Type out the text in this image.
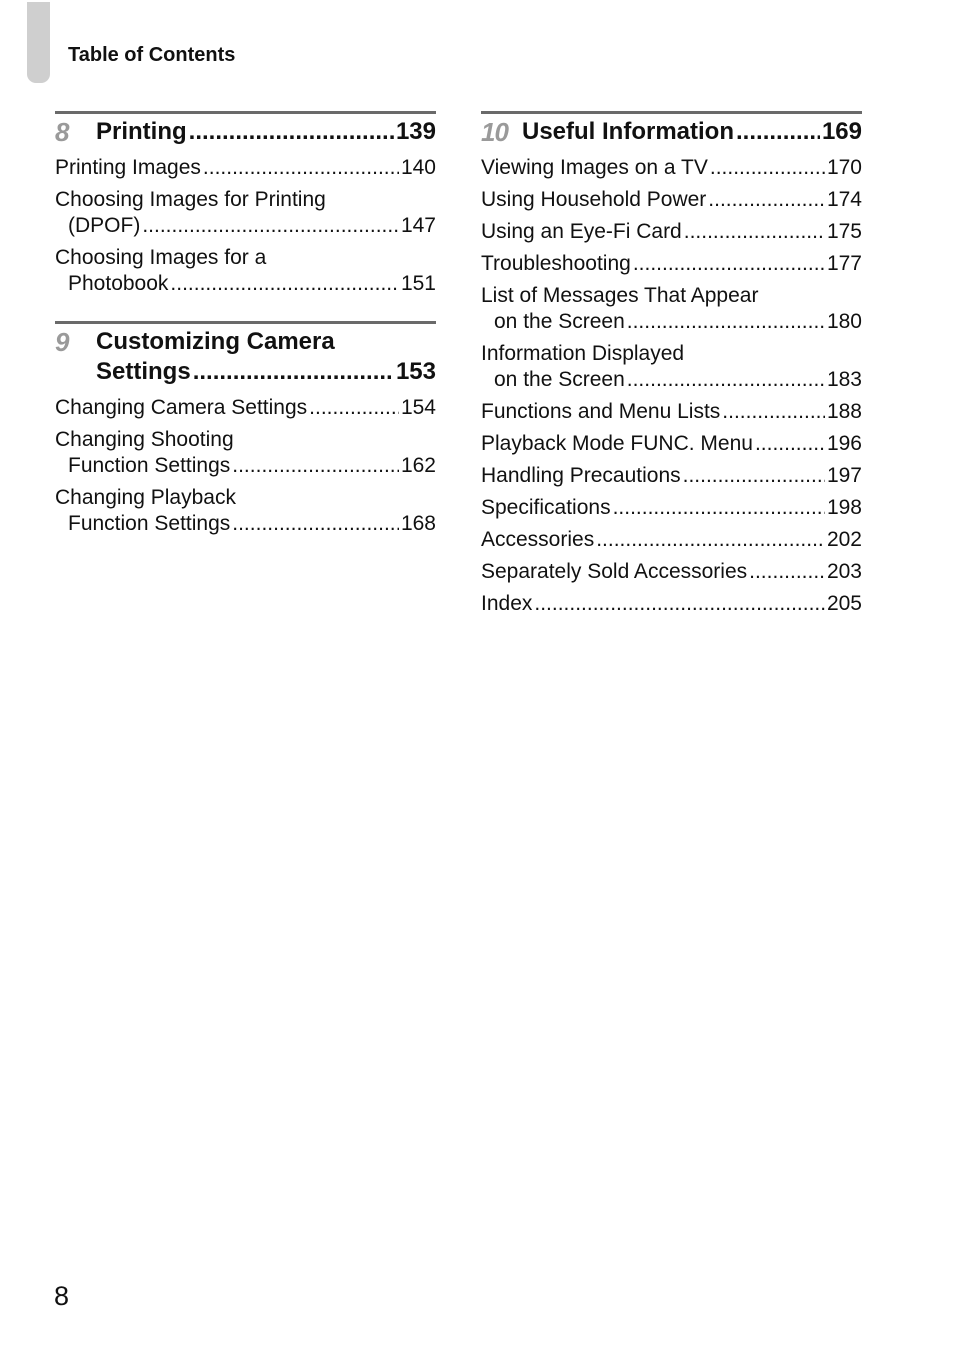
Table of Contents
8	Printing .....	139
Printing Images .....	140
Choosing Images for Printing
(DPOF) .....	147
Choosing Images for a
Photobook .....	151
9	Customizing Camera
Settings .....	153
Changing Camera Settings .....	154
Changing Shooting
Function Settings .....	162
Changing Playback
Function Settings .....	168
10 Useful Information .....	169
Viewing Images on a TV .....	170
Using Household Power .....	174
Using an Eye-Fi Card .....	175
Troubleshooting .....	177
List of Messages That Appear
on the Screen .....	180
Information Displayed
on the Screen .....	183
Functions and Menu Lists .....	188
Playback Mode FUNC. Menu .....	196
Handling Precautions .....	197
Specifications .....	198
Accessories .....	202
Separately Sold Accessories .....	203
Index .....	205
8
